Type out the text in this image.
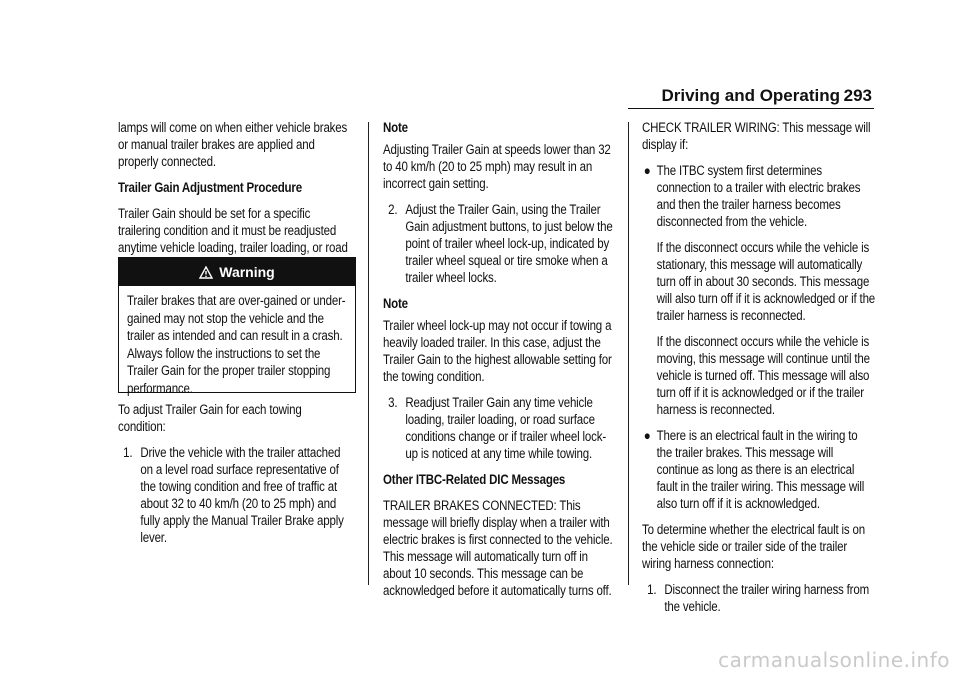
Driving and Operating 293

lamps will come on when either vehicle brakes or manual trailer brakes are applied and properly connected.

Trailer Gain Adjustment Procedure

Trailer Gain should be set for a specific trailering condition and it must be readjusted anytime vehicle loading, trailer loading, or road

Warning
Trailer brakes that are over-gained or under-gained may not stop the vehicle and the trailer as intended and can result in a crash. Always follow the instructions to set the Trailer Gain for the proper trailer stopping performance.

To adjust Trailer Gain for each towing condition:

1. Drive the vehicle with the trailer attached on a level road surface representative of the towing condition and free of traffic at about 32 to 40 km/h (20 to 25 mph) and fully apply the Manual Trailer Brake apply lever.

Note

Adjusting Trailer Gain at speeds lower than 32 to 40 km/h (20 to 25 mph) may result in an incorrect gain setting.

2. Adjust the Trailer Gain, using the Trailer Gain adjustment buttons, to just below the point of trailer wheel lock-up, indicated by trailer wheel squeal or tire smoke when a trailer wheel locks.

Note

Trailer wheel lock-up may not occur if towing a heavily loaded trailer. In this case, adjust the Trailer Gain to the highest allowable setting for the towing condition.

3. Readjust Trailer Gain any time vehicle loading, trailer loading, or road surface conditions change or if trailer wheel lock-up is noticed at any time while towing.

Other ITBC-Related DIC Messages

TRAILER BRAKES CONNECTED: This message will briefly display when a trailer with electric brakes is first connected to the vehicle. This message will automatically turn off in about 10 seconds. This message can be acknowledged before it automatically turns off.

CHECK TRAILER WIRING: This message will display if:

● The ITBC system first determines connection to a trailer with electric brakes and then the trailer harness becomes disconnected from the vehicle.

If the disconnect occurs while the vehicle is stationary, this message will automatically turn off in about 30 seconds. This message will also turn off if it is acknowledged or if the trailer harness is reconnected.

If the disconnect occurs while the vehicle is moving, this message will continue until the vehicle is turned off. This message will also turn off if it is acknowledged or if the trailer harness is reconnected.

● There is an electrical fault in the wiring to the trailer brakes. This message will continue as long as there is an electrical fault in the trailer wiring. This message will also turn off if it is acknowledged.

To determine whether the electrical fault is on the vehicle side or trailer side of the trailer wiring harness connection:

1. Disconnect the trailer wiring harness from the vehicle.
carmanualsonline.info
